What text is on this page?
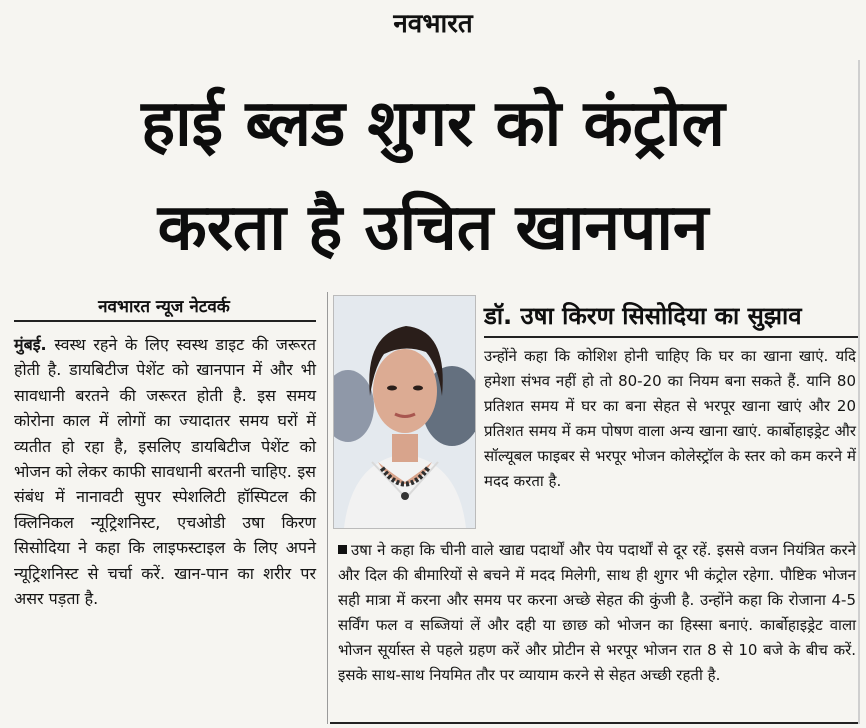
नवभारत
हाई ब्लड शुगर को कंट्रोल
करता है उचित खानपान
नवभारत न्यूज नेटवर्क
मुंबई. स्वस्थ रहने के लिए स्वस्थ डाइट की जरूरत होती है. डायबिटीज पेशेंट को खानपान में और भी सावधानी बरतने की जरूरत होती है. इस समय कोरोना काल में लोगों का ज्यादातर समय घरों में व्यतीत हो रहा है, इसलिए डायबिटीज पेशेंट को भोजन को लेकर काफी सावधानी बरतनी चाहिए. इस संबंध में नानावटी सुपर स्पेशलिटी हॉस्पिटल की क्लिनिकल न्यूट्रिशनिस्ट, एचओडी उषा किरण सिसोदिया ने कहा कि लाइफस्टाइल के लिए अपने न्यूट्रिशनिस्ट से चर्चा करें. खान-पान का शरीर पर असर पड़ता है.
डॉ. उषा किरण सिसोदिया का सुझाव
उन्होंने कहा कि कोशिश होनी चाहिए कि घर का खाना खाएं. यदि हमेशा संभव नहीं हो तो 80-20 का नियम बना सकते हैं. यानि 80 प्रतिशत समय में घर का बना सेहत से भरपूर खाना खाएं और 20 प्रतिशत समय में कम पोषण वाला अन्य खाना खाएं. कार्बोहाइड्रेट और सॉल्यूबल फाइबर से भरपूर भोजन कोलेस्ट्रॉल के स्तर को कम करने में मदद करता है.
उषा ने कहा कि चीनी वाले खाद्य पदार्थों और पेय पदार्थों से दूर रहें. इससे वजन नियंत्रित करने और दिल की बीमारियों से बचने में मदद मिलेगी, साथ ही शुगर भी कंट्रोल रहेगा. पौष्टिक भोजन सही मात्रा में करना और समय पर करना अच्छे सेहत की कुंजी है. उन्होंने कहा कि रोजाना 4-5 सर्विंग फल व सब्जियां लें और दही या छाछ को भोजन का हिस्सा बनाएं. कार्बोहाइड्रेट वाला भोजन सूर्यास्त से पहले ग्रहण करें और प्रोटीन से भरपूर भोजन रात 8 से 10 बजे के बीच करें. इसके साथ-साथ नियमित तौर पर व्यायाम करने से सेहत अच्छी रहती है.
